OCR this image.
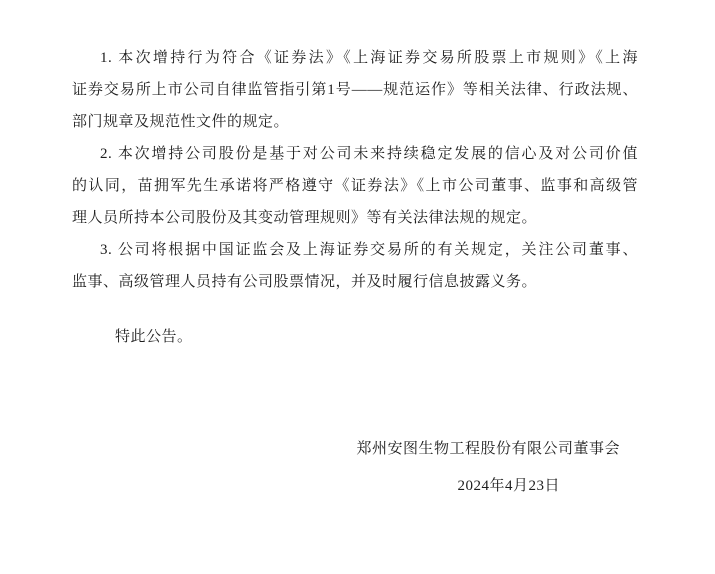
1. 本次增持行为符合《证券法》《上海证券交易所股票上市规则》《上海

证券交易所上市公司自律监管指引第1号——规范运作》等相关法律、行政法规、

部门规章及规范性文件的规定。

2. 本次增持公司股份是基于对公司未来持续稳定发展的信心及对公司价值

的认同，苗拥军先生承诺将严格遵守《证券法》《上市公司董事、监事和高级管

理人员所持本公司股份及其变动管理规则》等有关法律法规的规定。

3. 公司将根据中国证监会及上海证券交易所的有关规定，关注公司董事、

监事、高级管理人员持有公司股票情况，并及时履行信息披露义务。

特此公告。

郑州安图生物工程股份有限公司董事会

2024年4月23日
